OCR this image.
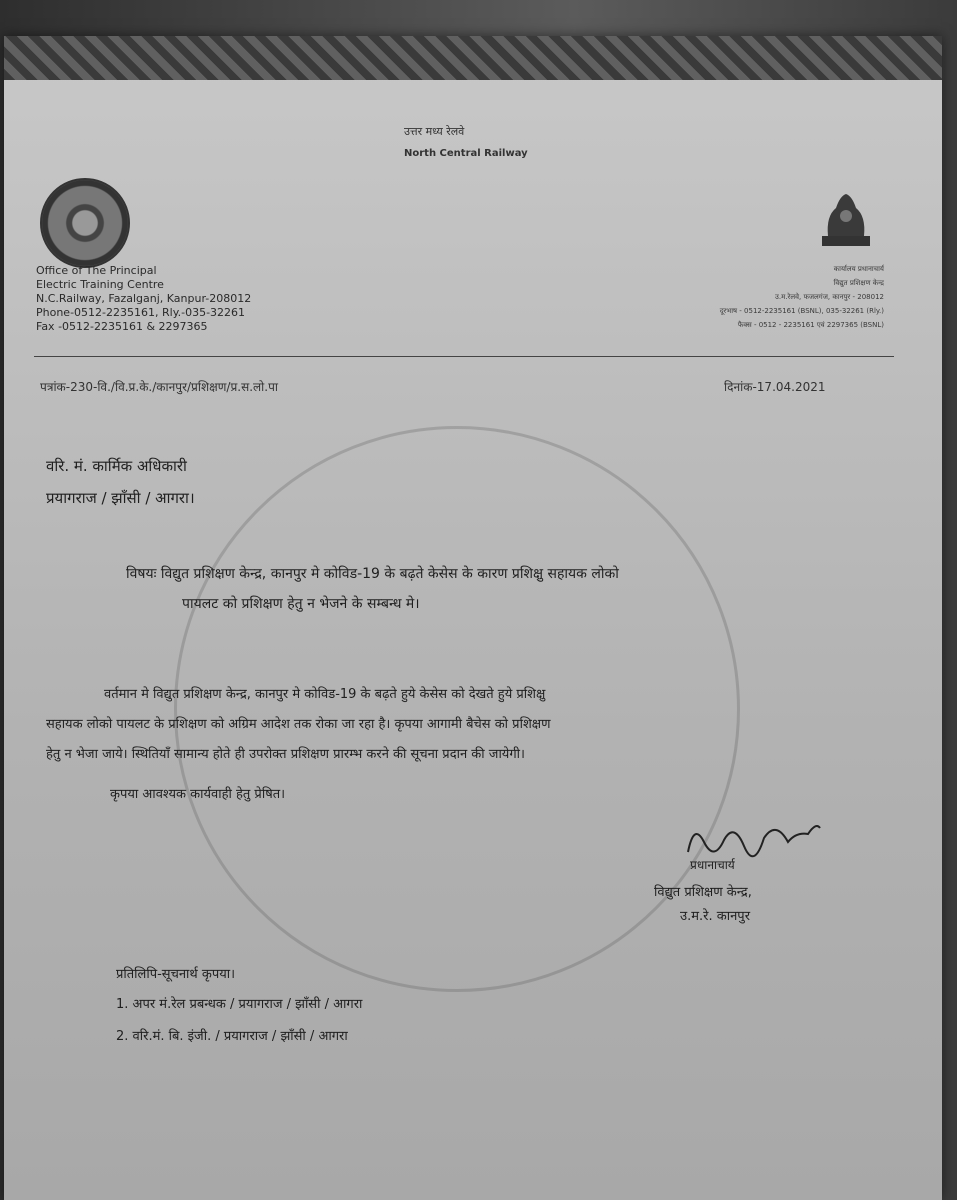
उत्तर मध्य रेलवे
North Central Railway
Office of The Principal
Electric Training Centre
N.C.Railway, Fazalganj, Kanpur-208012
Phone-0512-2235161, Rly.-035-32261
Fax -0512-2235161 & 2297365
कार्यालय प्रधानाचार्य
विद्युत प्रशिक्षण केन्द्र
उ.म.रेलवे, फजलगंज, कानपुर - 208012
दूरभाष - 0512-2235161 (BSNL), 035-32261 (Rly.)
फैक्स - 0512 - 2235161 एवं 2297365 (BSNL)
पत्रांक-230-वि./वि.प्र.के./कानपुर/प्रशिक्षण/प्र.स.लो.पा	दिनांक-17.04.2021
वरि. मं. कार्मिक अधिकारी
प्रयागराज / झाँसी / आगरा।
विषयः विद्युत प्रशिक्षण केन्द्र, कानपुर मे कोविड-19 के बढ़ते केसेस के कारण प्रशिक्षु सहायक लोको
पायलट को प्रशिक्षण हेतु न भेजने के सम्बन्ध मे।
वर्तमान मे विद्युत प्रशिक्षण केन्द्र, कानपुर मे कोविड-19 के बढ़ते हुये केसेस को देखते हुये प्रशिक्षु
सहायक लोको पायलट के प्रशिक्षण को अग्रिम आदेश तक रोका जा रहा है। कृपया आगामी बैचेस को प्रशिक्षण
हेतु न भेजा जाये। स्थितियाँ सामान्य होते ही उपरोक्त प्रशिक्षण प्रारम्भ करने की सूचना प्रदान की जायेगी।
कृपया आवश्यक कार्यवाही हेतु प्रेषित।
प्रधानाचार्य
विद्युत प्रशिक्षण केन्द्र,
उ.म.रे. कानपुर
प्रतिलिपि-सूचनार्थ कृपया।
1. अपर मं.रेल प्रबन्धक / प्रयागराज / झाँसी / आगरा
2. वरि.मं. बि. इंजी. / प्रयागराज / झाँसी / आगरा
